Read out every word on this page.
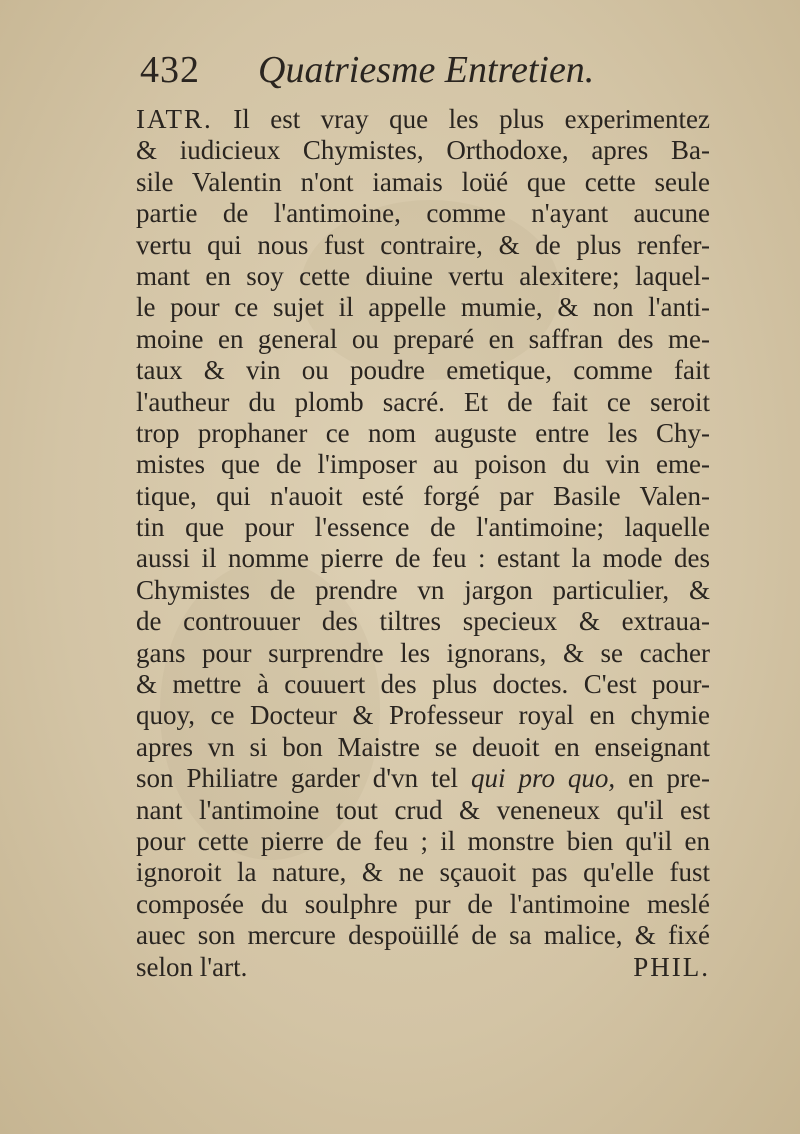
432 Quatriesme Entretien.
IATR. Il est vray que les plus experimentez
& iudicieux Chymistes, Orthodoxe, apres Ba-
sile Valentin n'ont iamais loüé que cette seule
partie de l'antimoine, comme n'ayant aucune
vertu qui nous fust contraire, & de plus renfer-
mant en soy cette diuine vertu alexitere; laquel-
le pour ce sujet il appelle mumie, & non l'anti-
moine en general ou preparé en saffran des me-
taux & vin ou poudre emetique, comme fait
l'autheur du plomb sacré. Et de fait ce seroit
trop prophaner ce nom auguste entre les Chy-
mistes que de l'imposer au poison du vin eme-
tique, qui n'auoit esté forgé par Basile Valen-
tin que pour l'essence de l'antimoine; laquelle
aussi il nomme pierre de feu : estant la mode des
Chymistes de prendre vn jargon particulier, &
de controuuer des tiltres specieux & extraua-
gans pour surprendre les ignorans, & se cacher
& mettre à couuert des plus doctes. C'est pour-
quoy, ce Docteur & Professeur royal en chymie
apres vn si bon Maistre se deuoit en enseignant
son Philiatre garder d'vn tel qui pro quo, en pre-
nant l'antimoine tout crud & veneneux qu'il est
pour cette pierre de feu ; il monstre bien qu'il en
ignoroit la nature, & ne sçauoit pas qu'elle fust
composée du soulphre pur de l'antimoine meslé
auec son mercure despoüillé de sa malice, & fixé
selon l'art.	PHIL.
